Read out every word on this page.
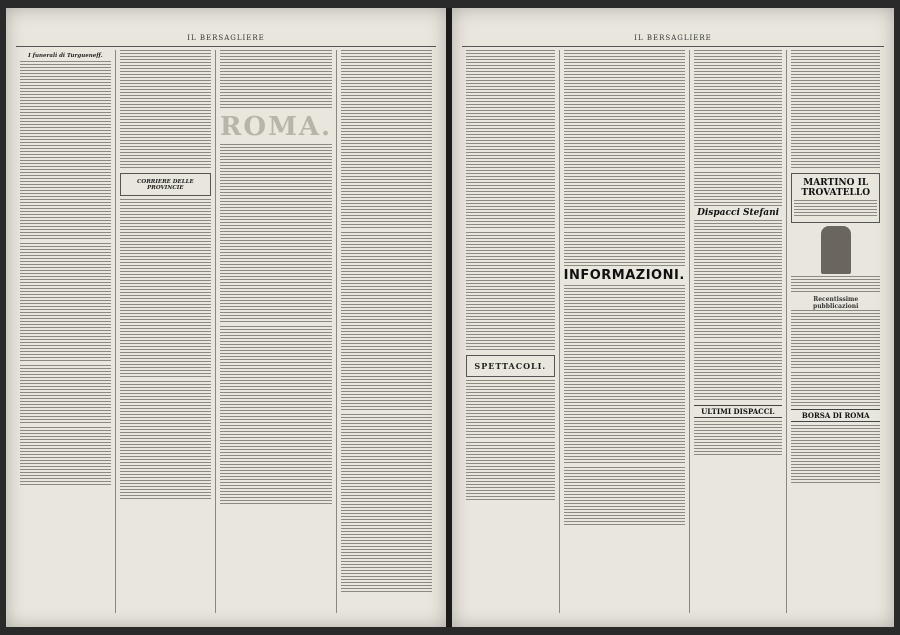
IL BERSAGLIERE
I funerali di Turgueneff.
CORRIERE DELLE PROVINCIE
ROMA.
IL BERSAGLIERE
SPETTACOLI.
INFORMAZIONI.
Dispacci Stefani
ULTIMI DISPACCI.
MARTINO IL TROVATELLO
Recentissime pubblicazioni
BORSA DI ROMA
